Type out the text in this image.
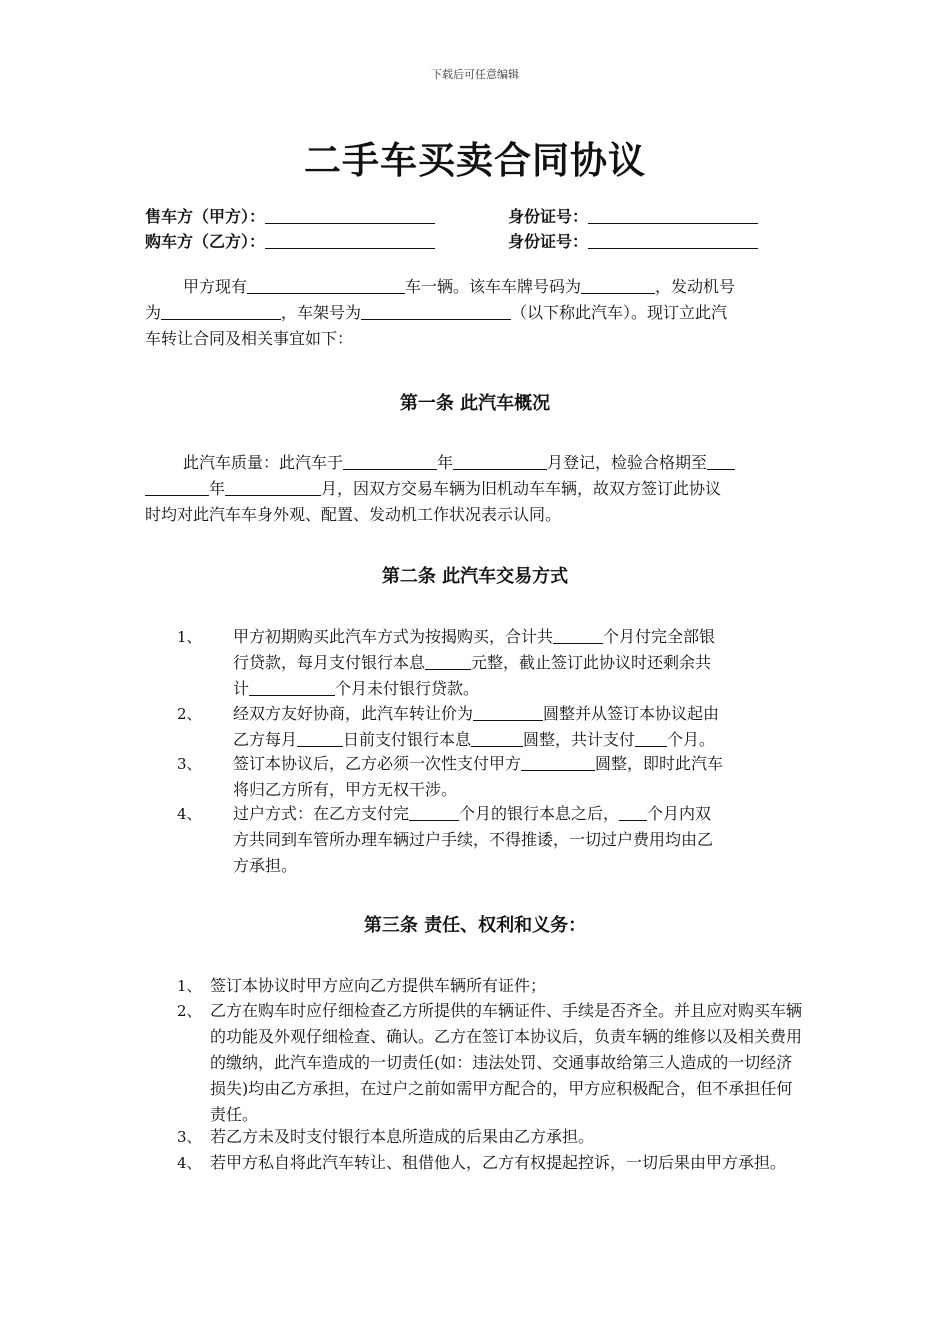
下载后可任意编辑
二手车买卖合同协议
售车方（甲方）：	身份证号：
购车方（乙方）：	身份证号：
甲方现有	车一辆。该车车牌号码为	，发动机号
为	，车架号为	（以下称此汽车）。现订立此汽
车转让合同及相关事宜如下：
第一条 此汽车概况
此汽车质量：此汽车于	年	月登记，检验合格期至
年	月，因双方交易车辆为旧机动车车辆，故双方签订此协议
时均对此汽车车身外观、配置、发动机工作状况表示认同。
第二条 此汽车交易方式
1、 甲方初期购买此汽车方式为按揭购买，合计共	个月付完全部银
行贷款，每月支付银行本息	元整，截止签订此协议时还剩余共
计	个月未付银行贷款。
2、 经双方友好协商，此汽车转让价为	圆整并从签订本协议起由
乙方每月	日前支付银行本息	圆整，共计支付 个月。
3、 签订本协议后，乙方必须一次性支付甲方	圆整，即时此汽车
将归乙方所有，甲方无权干涉。
4、 过户方式：在乙方支付完	个月的银行本息之后， 个月内双
方共同到车管所办理车辆过户手续，不得推诿，一切过户费用均由乙
方承担。
第三条 责任、权利和义务：
1、 签订本协议时甲方应向乙方提供车辆所有证件；
2、 乙方在购车时应仔细检查乙方所提供的车辆证件、手续是否齐全。并且应对购买车辆的功能及外观仔细检查、确认。乙方在签订本协议后，负责车辆的维修以及相关费用的缴纳，此汽车造成的一切责任(如：违法处罚、交通事故给第三人造成的一切经济损失)均由乙方承担，在过户之前如需甲方配合的，甲方应积极配合，但不承担任何责任。
3、 若乙方未及时支付银行本息所造成的后果由乙方承担。
4、 若甲方私自将此汽车转让、租借他人，乙方有权提起控诉，一切后果由甲方承担。
